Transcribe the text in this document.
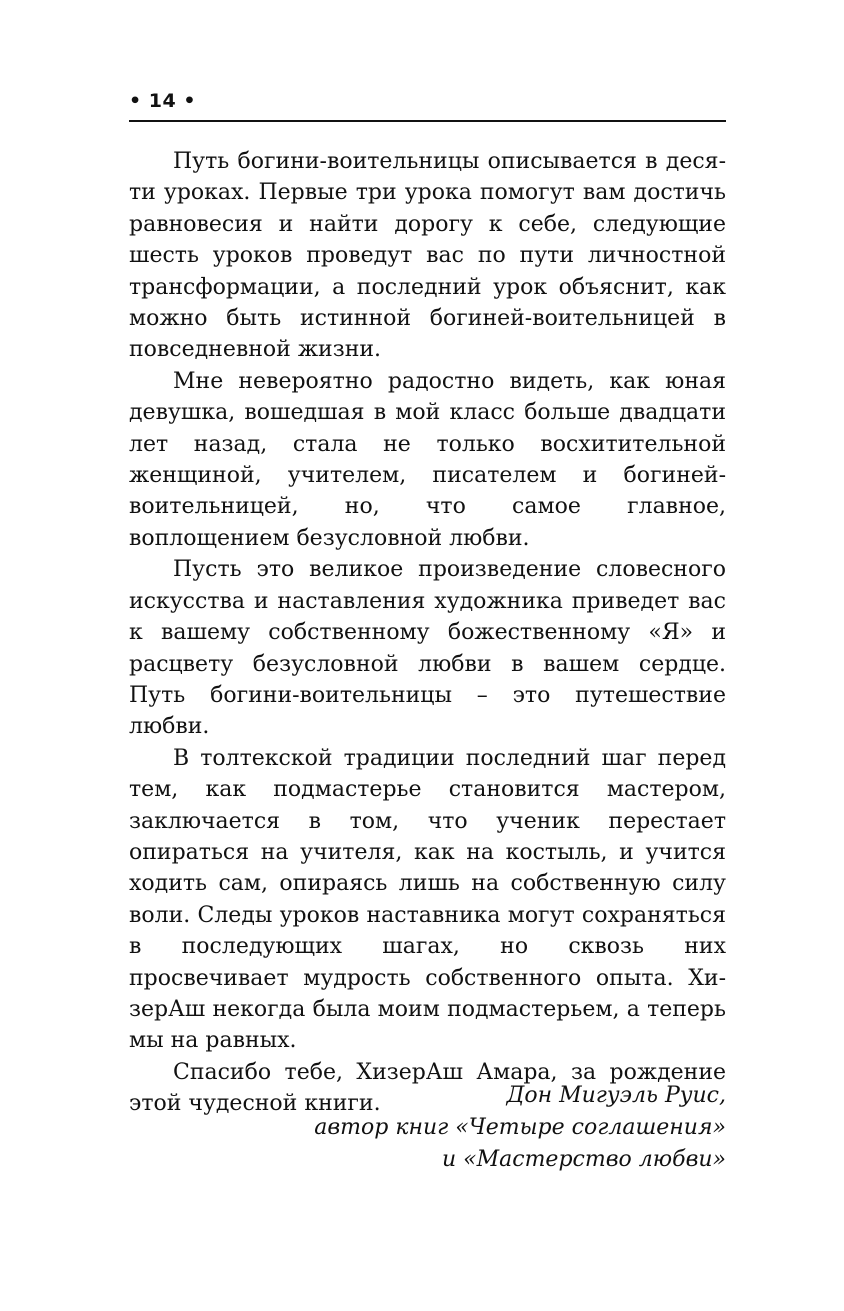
• 14 •

Путь богини-воительницы описывается в десяти уроках. Первые три урока помогут вам достичь равновесия и найти дорогу к себе, следующие шесть уроков проведут вас по пути личностной трансформации, а последний урок объяснит, как можно быть истинной богиней-воительницей в повседневной жизни.

Мне невероятно радостно видеть, как юная девушка, вошедшая в мой класс больше двадцати лет назад, стала не только восхитительной женщиной, учителем, писателем и богиней-воительницей, но, что самое главное, воплощением безусловной любви.

Пусть это великое произведение словесного искусства и наставления художника приведет вас к вашему собственному божественному «Я» и расцвету безусловной любви в вашем сердце. Путь богини-воительницы – это путешествие любви.

В толтекской традиции последний шаг перед тем, как подмастерье становится мастером, заключается в том, что ученик перестает опираться на учителя, как на костыль, и учится ходить сам, опираясь лишь на собственную силу воли. Следы уроков наставника могут сохраняться в последующих шагах, но сквозь них просвечивает мудрость собственного опыта. ХизерАш некогда была моим подмастерьем, а теперь мы на равных.

Спасибо тебе, ХизерАш Амара, за рождение этой чудесной книги.	Дон Мигуэль Руис,
автор книг «Четыре соглашения»
и «Мастерство любви»
